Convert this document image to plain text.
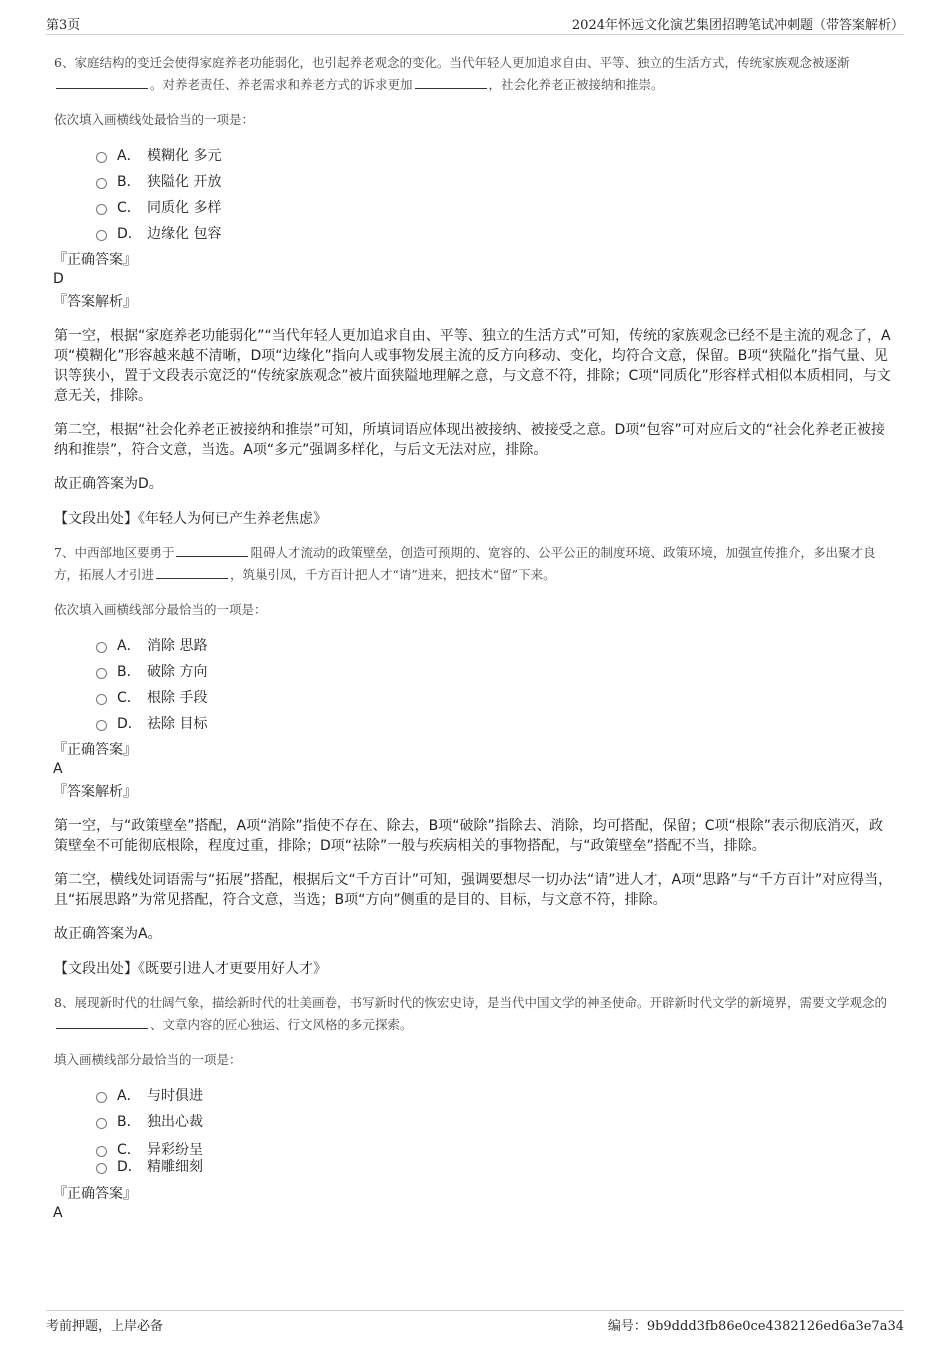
第3页	2024年怀远文化演艺集团招聘笔试冲刺题（带答案解析）
6、家庭结构的变迁会使得家庭养老功能弱化，也引起养老观念的变化。当代年轻人更加追求自由、平等、独立的生活方式，传统家族观念被逐渐。对养老责任、养老需求和养老方式的诉求更加	，社会化养老正被接纳和推崇。
依次填入画横线处最恰当的一项是：
A． 模糊化 多元
B． 狭隘化 开放
C． 同质化 多样
D． 边缘化 包容
『正确答案』
D
『答案解析』
第一空，根据“家庭养老功能弱化”“当代年轻人更加追求自由、平等、独立的生活方式”可知，传统的家族观念已经不是主流的观念了，A项“模糊化”形容越来越不清晰，D项“边缘化”指向人或事物发展主流的反方向移动、变化，均符合文意，保留。B项“狭隘化”指气量、见识等狭小，置于文段表示宽泛的“传统家族观念”被片面狭隘地理解之意，与文意不符，排除；C项“同质化”形容样式相似本质相同，与文意无关，排除。
第二空，根据“社会化养老正被接纳和推崇”可知，所填词语应体现出被接纳、被接受之意。D项“包容”可对应后文的“社会化养老正被接纳和推崇”，符合文意，当选。A项“多元”强调多样化，与后文无法对应，排除。
故正确答案为D。
【文段出处】《年轻人为何已产生养老焦虑》
7、中西部地区要勇于	阻碍人才流动的政策壁垒，创造可预期的、宽容的、公平公正的制度环境、政策环境，加强宣传推介，多出聚才良方，拓展人才引进	，筑巢引凤，千方百计把人才“请”进来，把技术“留”下来。
依次填入画横线部分最恰当的一项是：
A． 消除 思路
B． 破除 方向
C． 根除 手段
D． 祛除 目标
『正确答案』
A
『答案解析』
第一空，与“政策壁垒”搭配，A项“消除”指使不存在、除去，B项“破除”指除去、消除，均可搭配，保留；C项“根除”表示彻底消灭，政策壁垒不可能彻底根除，程度过重，排除；D项“祛除”一般与疾病相关的事物搭配，与“政策壁垒”搭配不当，排除。
第二空，横线处词语需与“拓展”搭配，根据后文“千方百计”可知，强调要想尽一切办法“请”进人才，A项“思路”与“千方百计”对应得当，且“拓展思路”为常见搭配，符合文意，当选；B项“方向”侧重的是目的、目标，与文意不符，排除。
故正确答案为A。
【文段出处】《既要引进人才更要用好人才》
8、展现新时代的壮阔气象，描绘新时代的壮美画卷，书写新时代的恢宏史诗，是当代中国文学的神圣使命。开辟新时代文学的新境界，需要文学观念的、文章内容的匠心独运、行文风格的多元探索。
填入画横线部分最恰当的一项是：
A． 与时俱进
B． 独出心裁
C． 异彩纷呈
D． 精雕细刻
『正确答案』
A
考前押题，上岸必备	编号：9b9ddd3fb86e0ce4382126ed6a3e7a34
